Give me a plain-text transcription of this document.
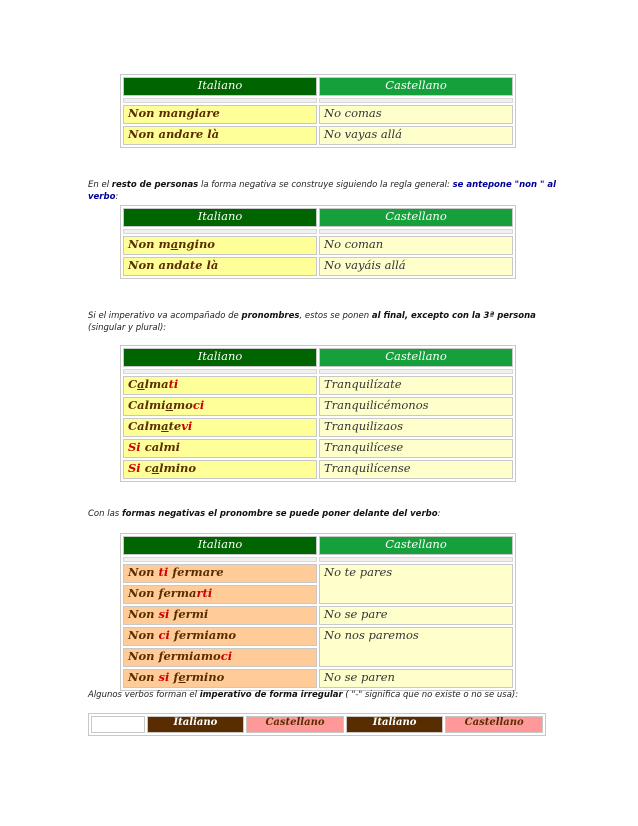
Italiano	Castellano

Non mangiare	No comas
Non andare là	No vayas allá
En el resto de personas la forma negativa se construye siguiendo la regla general: se antepone "non " al verbo:
Italiano	Castellano

Non mangino	No coman
Non andate là	No vayáis allá
Si el imperativo va acompañado de pronombres, estos se ponen al final, excepto con la 3ª persona (singular y plural):
Italiano	Castellano

Calmati	Tranquilízate
Calmiamoci	Tranquilicémonos
Calmatevi	Tranquilizaos
Si calmi	Tranquilícese
Si calmino	Tranquilícense
Con las formas negativas el pronombre se puede poner delante del verbo:
Italiano	Castellano

Non ti fermare	No te pares
Non fermarti	
Non si fermi	No se pare
Non ci fermiamo	No nos paremos
Non fermiamoci	
Non si fermino	No se paren
Algunos verbos forman el imperativo de forma irregular ( "-" significa que no existe o no se usa):
	Italiano	Castellano	Italiano	Castellano
